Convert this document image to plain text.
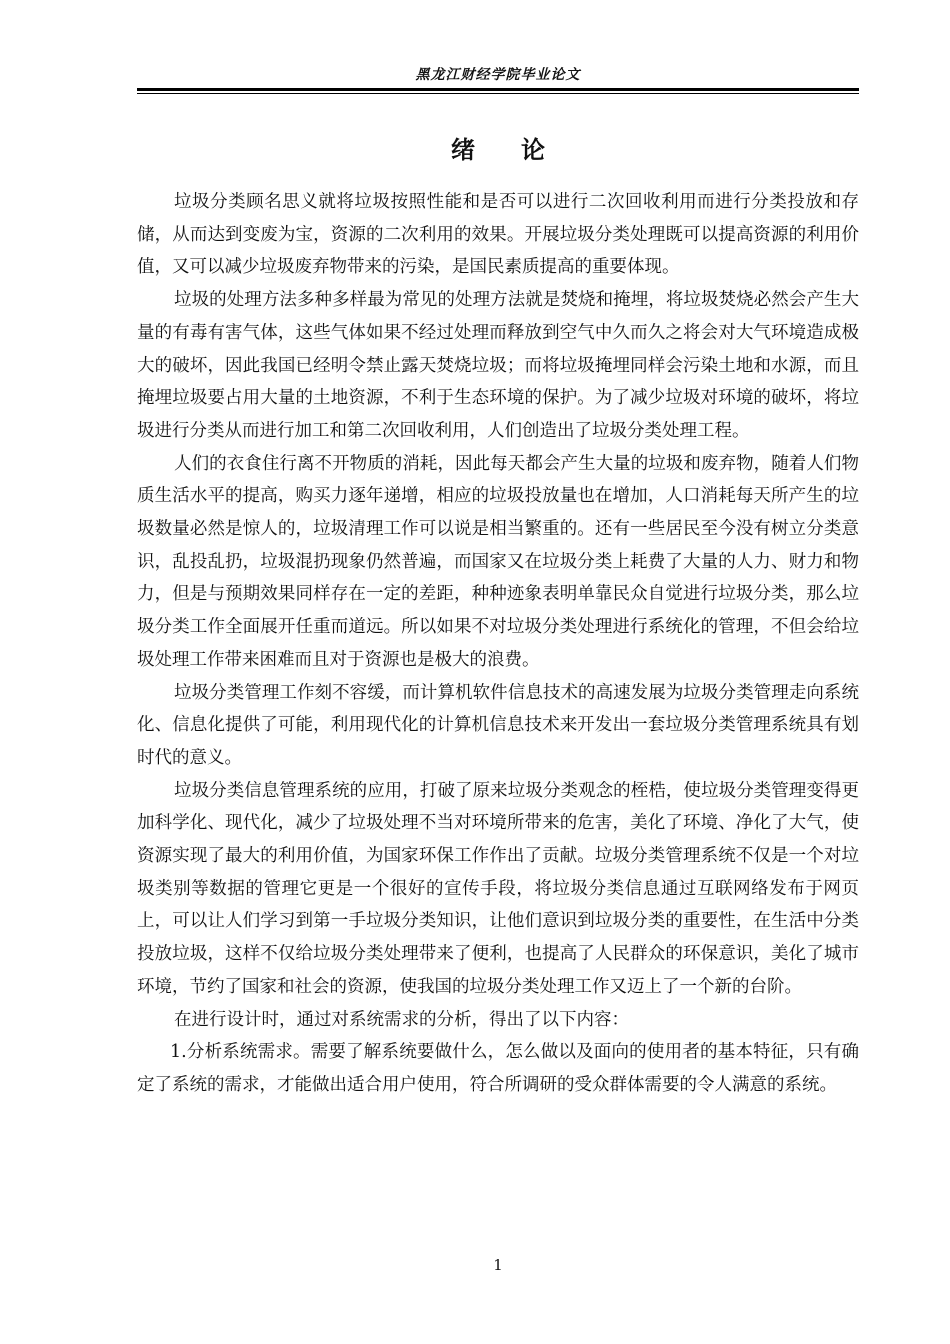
黑龙江财经学院毕业论文
绪论

垃圾分类顾名思义就将垃圾按照性能和是否可以进行二次回收利用而进行分类投放和存储，从而达到变废为宝，资源的二次利用的效果。开展垃圾分类处理既可以提高资源的利用价值，又可以减少垃圾废弃物带来的污染，是国民素质提高的重要体现。

垃圾的处理方法多种多样最为常见的处理方法就是焚烧和掩埋，将垃圾焚烧必然会产生大量的有毒有害气体，这些气体如果不经过处理而释放到空气中久而久之将会对大气环境造成极大的破坏，因此我国已经明令禁止露天焚烧垃圾；而将垃圾掩埋同样会污染土地和水源，而且掩埋垃圾要占用大量的土地资源，不利于生态环境的保护。为了减少垃圾对环境的破坏，将垃圾进行分类从而进行加工和第二次回收利用，人们创造出了垃圾分类处理工程。

人们的衣食住行离不开物质的消耗，因此每天都会产生大量的垃圾和废弃物，随着人们物质生活水平的提高，购买力逐年递增，相应的垃圾投放量也在增加，人口消耗每天所产生的垃圾数量必然是惊人的，垃圾清理工作可以说是相当繁重的。还有一些居民至今没有树立分类意识，乱投乱扔，垃圾混扔现象仍然普遍，而国家又在垃圾分类上耗费了大量的人力、财力和物力，但是与预期效果同样存在一定的差距，种种迹象表明单靠民众自觉进行垃圾分类，那么垃圾分类工作全面展开任重而道远。所以如果不对垃圾分类处理进行系统化的管理，不但会给垃圾处理工作带来困难而且对于资源也是极大的浪费。

垃圾分类管理工作刻不容缓，而计算机软件信息技术的高速发展为垃圾分类管理走向系统化、信息化提供了可能，利用现代化的计算机信息技术来开发出一套垃圾分类管理系统具有划时代的意义。

垃圾分类信息管理系统的应用，打破了原来垃圾分类观念的桎梏，使垃圾分类管理变得更加科学化、现代化，减少了垃圾处理不当对环境所带来的危害，美化了环境、净化了大气，使资源实现了最大的利用价值，为国家环保工作作出了贡献。垃圾分类管理系统不仅是一个对垃圾类别等数据的管理它更是一个很好的宣传手段，将垃圾分类信息通过互联网络发布于网页上，可以让人们学习到第一手垃圾分类知识，让他们意识到垃圾分类的重要性，在生活中分类投放垃圾，这样不仅给垃圾分类处理带来了便利，也提高了人民群众的环保意识，美化了城市环境，节约了国家和社会的资源，使我国的垃圾分类处理工作又迈上了一个新的台阶。

在进行设计时，通过对系统需求的分析，得出了以下内容：

1.分析系统需求。需要了解系统要做什么，怎么做以及面向的使用者的基本特征，只有确定了系统的需求，才能做出适合用户使用，符合所调研的受众群体需要的令人满意的系统。

1
